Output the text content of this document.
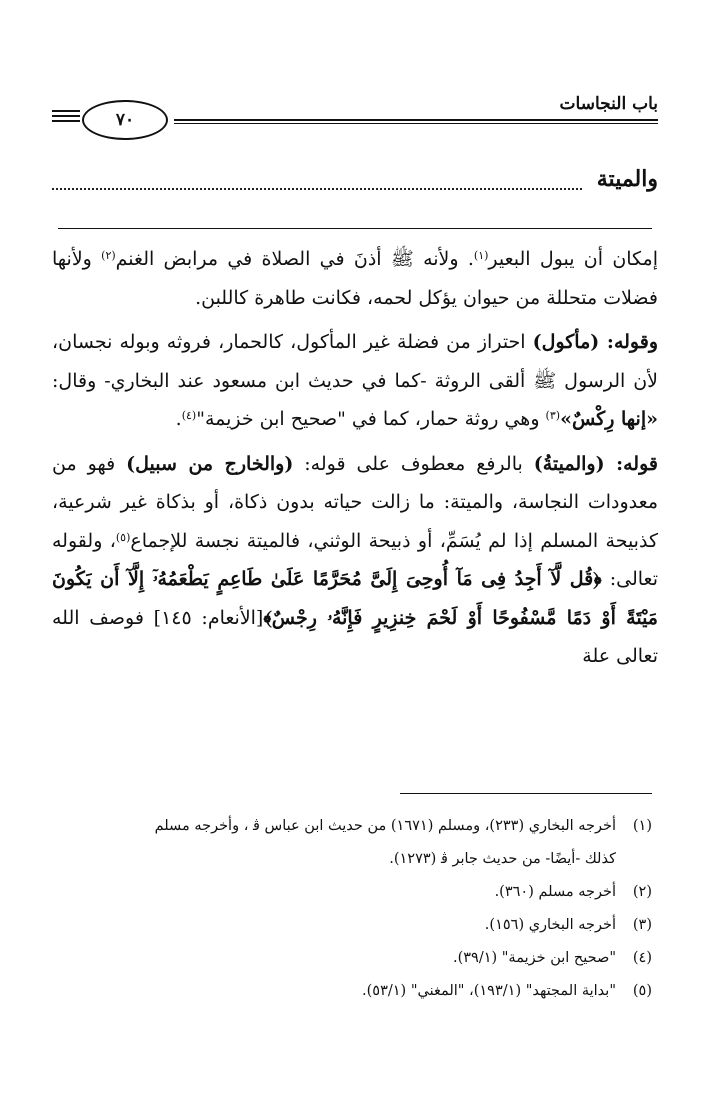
باب النجاسات
٧٠
والميتة

إمكان أن يبول البعير$^{(١)}$. ولأنه ﷺ أذنَ في الصلاة في مرابض الغنم$^{(٢)}$ ولأنها فضلات متحللة من حيوان يؤكل لحمه، فكانت طاهرة كاللبن.

وقوله: (مأكول) احتراز من فضلة غير المأكول، كالحمار، فروثه وبوله نجسان، لأن الرسول ﷺ ألقى الروثة -كما في حديث ابن مسعود عند البخاري- وقال: «إنها رِكْسٌ»$^{(٣)}$ وهي روثة حمار، كما في "صحيح ابن خزيمة"$^{(٤)}$.

قوله: (والميتةُ) بالرفع معطوف على قوله: (والخارج من سبيل) فهو من معدودات النجاسة، والميتة: ما زالت حياته بدون ذكاة، أو بذكاة غير شرعية، كذبيحة المسلم إذا لم يُسَمِّ، أو ذبيحة الوثني، فالميتة نجسة للإجماع$^{(٥)}$، ولقوله تعالى: ﴿قُل لَّآ أَجِدُ فِى مَآ أُوحِىَ إِلَىَّ مُحَرَّمًا عَلَىٰ طَاعِمٍ يَطْعَمُهُۥٓ إِلَّآ أَن يَكُونَ مَيْتَةً أَوْ دَمًا مَّسْفُوحًا أَوْ لَحْمَ خِنزِيرٍ فَإِنَّهُۥ رِجْسٌ﴾[الأنعام: ١٤٥] فوصف الله تعالى علة

(١)
أخرجه البخاري (٢٣٣)، ومسلم (١٦٧١) من حديث ابن عباس ﭬ ، وأخرجه مسلم
كذلك -أيضًا- من حديث جابر ﭬ (١٢٧٣).
(٢)
أخرجه مسلم (٣٦٠).
(٣)
أخرجه البخاري (١٥٦).
(٤)
"صحيح ابن خزيمة" (٣٩/١).
(٥)
"بداية المجتهد" (١٩٣/١)، "المغني" (٥٣/١).
